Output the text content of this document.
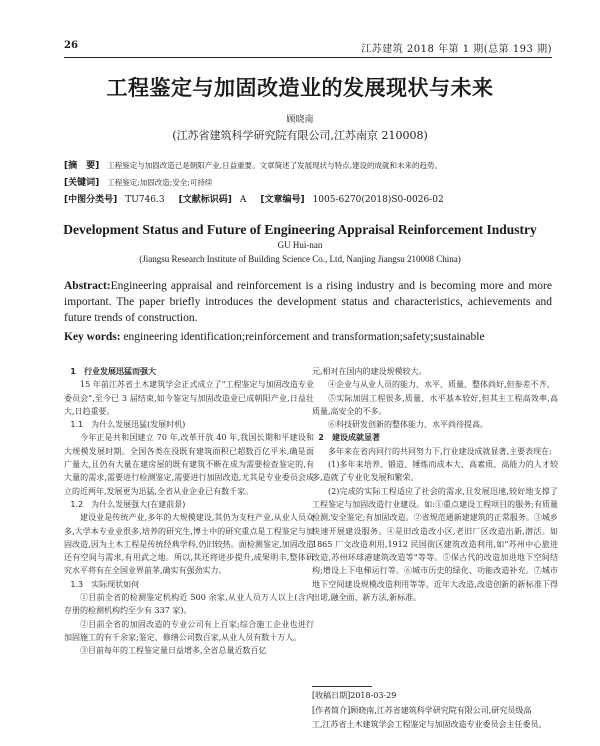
26	江苏建筑 2018 年第 1 期(总第 193 期)
工程鉴定与加固改造业的发展现状与未来
顾晓南
(江苏省建筑科学研究院有限公司,江苏南京 210008)
[摘　要] 工程鉴定与加固改造已是朝阳产业,日益重要。文章简述了发展现状与特点,建设的成就和未来的趋势。
[关键词] 工程鉴定;加固改造;安全;可持续
[中图分类号] TU746.3 [文献标识码] A [文章编号] 1005-6270(2018)S0-0026-02
Development Status and Future of Engineering Appraisal Reinforcement Industry
GU Hui-nan
(Jiangsu Research Institute of Building Science Co., Ltd, Nanjing Jiangsu 210008 China)
Abstract:Engineering appraisal and reinforcement is a rising industry and is becoming more and more important. The paper briefly introduces the development status and characteristics, achievements and future trends of construction.
Key words: engineering identification;reinforcement and transformation;safety;sustainable

1　行业发展迅猛而强大

15 年前江苏省土木建筑学会正式成立了"工程鉴定与加固改造专业委员会",至今已 3 届结束,如今鉴定与加固改造业已成朝阳产业,日益壮大,日趋重要。

1.1　为什么发展迅猛(发展时机)

今年正是共和国建立 70 年,改革开放 40 年,我国长期和平建设和大规模发展时期。全国各类在役既有建筑面积已超数百亿平米,确是面广量大,且仍有大量在建房屋的既有建筑不断在成为需要检查鉴定的,有大量的需求,需要进行检测鉴定,需要进行加固改造,尤其是专业委员会成立的近两年,发展更为迅猛,全省从业企业已有数千家。

1.2　为什么发展强大(在建前景)

建设业是传统产业,多年的大规模建设,其仍为支柱产业,从业人员众多,大学本专业业很多,培养的研究生,博士中的研究重点是工程鉴定与加固改造,因为土木工程是传统经典学科,仍旧较热。面检测鉴定,加固改造还有空间与需求,有用武之地。所以,其还将进步提升,成果明丰,整体研究水平将有在全国业界前茅,确实有强劲实力。

1.3　实际现状如何

①目前全省的检测鉴定机构近 500 余家,从业人员万人以上(含内存册的检测机构约至少有 337 家)。

②目前全省的加固改造的专业公司有上百家;综合施工企业也进行加固施工的有千余家;鉴定、修缮公司数百家,从业人员有数十万人。

③目前每年的工程鉴定量日益增多,全省总量近数百亿

元,相对在国内的建设规模较大。

④企业与从业人员的能力、水平、质量、整体尚好,但参差不齐。

⑤实际加固工程很多,质量、水平基本较好,但其主工程高效率,高质量,高安全的不多。

⑥科技研发创新的整体能力、水平尚待提高。

2　建设成就显著

多年来在省内同行的共同努力下,行业建设成就显著,主要表现在:

(1)多年来培养、锻造、锤炼而成本大、高素质、高能力的人才较多,造就了专业化发展和繁荣。

(2)完成的实际工程适应了社会的需求,且发展迅速,较好地支撑了工程鉴定与加固改造行业建设。如:①重点建设工程项目的服务;有质量检测,安全鉴定;有加固改造。②省规范通新建建筑的正常服务。③城乡快速开展建设服务。④是旧改造改小区,老旧厂区改造出新,潜活。如 1865 厂文改造利用,1912 民国街区建筑改造利用,如"苏州中心旅进改造,苏州环球港建筑改造等"等等。⑤保古代的改造加进地下空间结构;增设上下电梯运行等。⑥城市历史的绿化、功能改造补充。⑦城市地下空间建设规模改造利用等等。近年大改造,改造创新的新标准下得出诺,融全面、新方法,新标准。

[收稿日期]2018-03-29
[作者简介]顾晓南,江苏省建筑科学研究院有限公司,研究员级高
工,江苏省土木建筑学会工程鉴定与加固改造专业委员会主任委员。
